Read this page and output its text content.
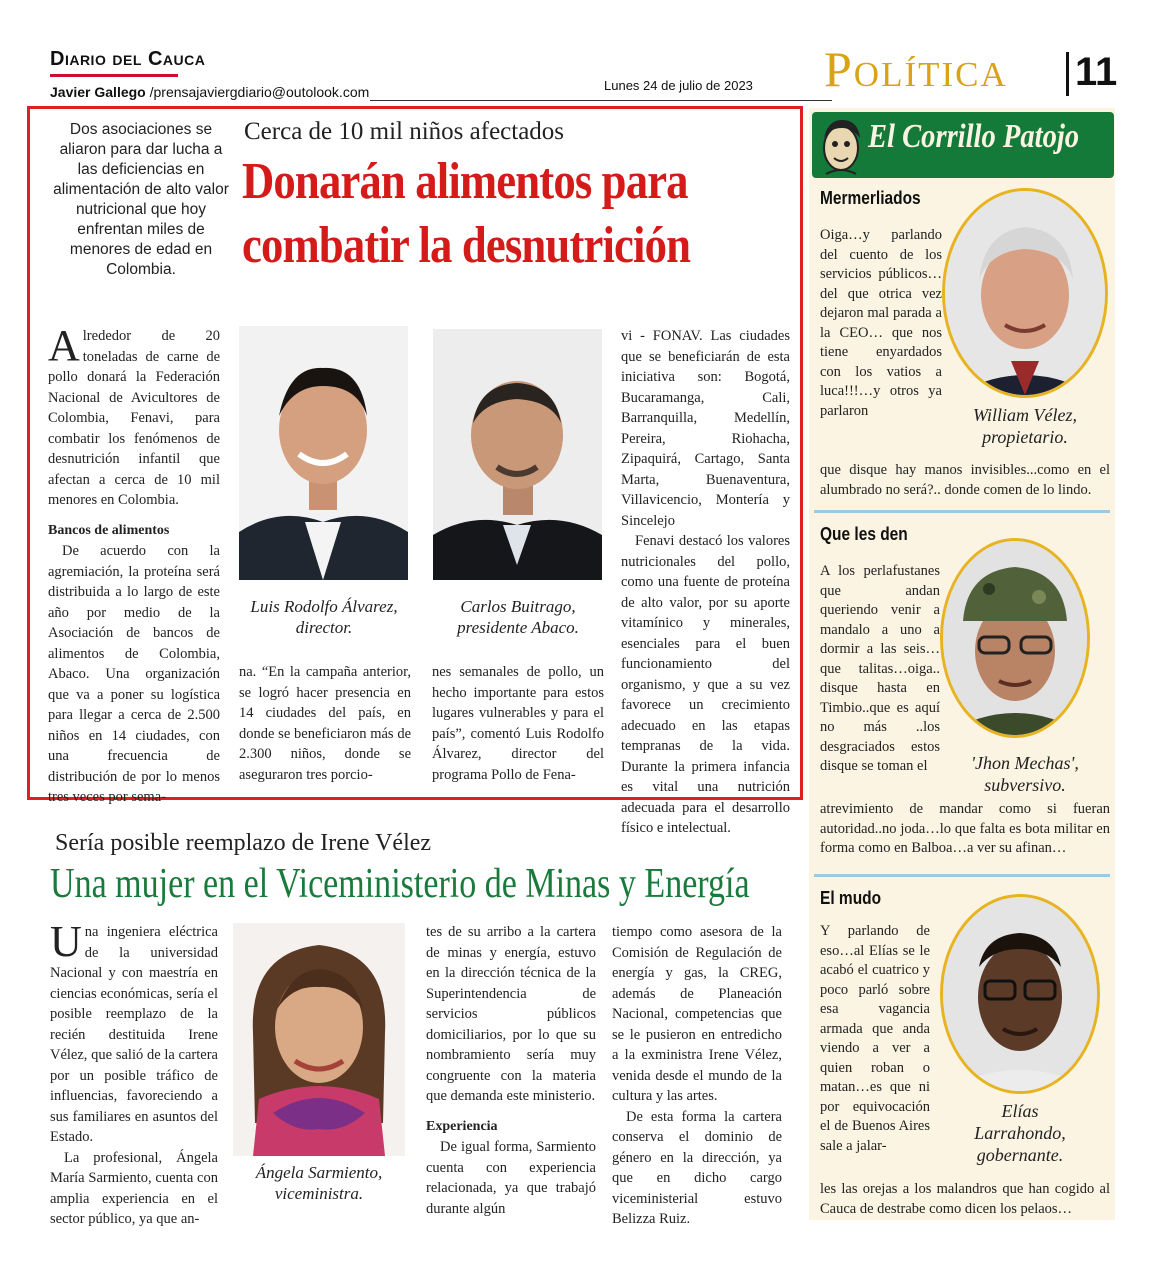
Diario del Cauca
Javier Gallego /prensajaviergdiario@outolook.com	Lunes 24 de julio de 2023 Política 11
Dos asociaciones se aliaron para dar lucha a las deficiencias en alimentación de alto valor nutricional que hoy enfrentan miles de menores de edad en Colombia.
Cerca de 10 mil niños afectados
Donarán alimentos para
combatir la desnutrición
A lrededor de 20 toneladas de carne de pollo donará la Federación Nacional de Avicultores de Colombia, Fenavi, para combatir los fenómenos de desnutrición infantil que afectan a cerca de 10 mil menores en Colombia.
Bancos de alimentos

De acuerdo con la agremiación, la proteína será distribuida a lo largo de este año por medio de la Asociación de bancos de alimentos de Colombia, Abaco. Una organización que va a poner su logística para llegar a cerca de 2.500 niños en 14 ciudades, con una frecuencia de distribución de por lo menos tres veces por sema-

Luis Rodolfo Álvarez,
director.
Carlos Buitrago,
presidente Abaco.
na. “En la campaña anterior, se logró hacer presencia en 14 ciudades del país, en donde se beneficiaron más de 2.300 niños, donde se aseguraron tres porcio-
nes semanales de pollo, un hecho importante para estos lugares vulnerables y para el país”, comentó Luis Rodolfo Álvarez, director del programa Pollo de Fena-
vi - FONAV. Las ciudades que se beneficiarán de esta iniciativa son: Bogotá, Bucaramanga, Cali, Barranquilla, Medellín, Pereira, Riohacha, Zipaquirá, Cartago, Santa Marta, Buenaventura, Villavicencio, Montería y Sincelejo

Fenavi destacó los valores nutricionales del pollo, como una fuente de proteína de alto valor, por su aporte vitamínico y minerales, esenciales para el buen funcionamiento del organismo, y que a su vez favorece un crecimiento adecuado en las etapas tempranas de la vida. Durante la primera infancia es vital una nutrición adecuada para el desarrollo físico e intelectual.

Sería posible reemplazo de Irene Vélez
Una mujer en el Viceministerio de Minas y Energía
U na ingeniera eléctrica de la universidad Nacional y con maestría en ciencias económicas, sería el posible reemplazo de la recién destituida Irene Vélez, que salió de la cartera por un posible tráfico de influencias, favoreciendo a sus familiares en asuntos del Estado.

La profesional, Ángela María Sarmiento, cuenta con amplia experiencia en el sector público, ya que an-

Ángela Sarmiento,
viceministra.
tes de su arribo a la cartera de minas y energía, estuvo en la dirección técnica de la Superintendencia de servicios públicos domiciliarios, por lo que su nombramiento sería muy congruente con la materia que demanda este ministerio.
Experiencia

De igual forma, Sarmiento cuenta con experiencia relacionada, ya que trabajó durante algún

tiempo como asesora de la Comisión de Regulación de energía y gas, la CREG, además de Planeación Nacional, competencias que se le pusieron en entredicho a la exministra Irene Vélez, venida desde el mundo de la cultura y las artes.

De esta forma la cartera conserva el dominio de género en la dirección, ya que en dicho cargo viceministerial estuvo Belizza Ruiz.

El Corrillo Patojo
Mermerliados
Oiga…y parlando del cuento de los servicios públicos…del que otrica vez dejaron mal parada a la CEO… que nos tiene enyardados con los vatios a luca!!!…y otros ya parlaron
que disque hay manos invisibles...como en el alumbrado no será?.. donde comen de lo lindo.
William Vélez,
propietario.
Que les den
A los perlafustanes que andan queriendo venir a mandalo a uno a dormir a las seis…que talitas…oiga.. disque hasta en Timbio..que es aquí no más ..los desgraciados estos disque se toman el
atrevimiento de mandar como si fueran autoridad..no joda…lo que falta es bota militar en forma como en Balboa…a ver su afinan…
'Jhon Mechas',
subversivo.
El mudo
Y parlando de eso…al Elías se le acabó el cuatrico y poco parló sobre esa vagancia armada que anda viendo a ver a quien roban o matan…es que ni por equivocación el de Buenos Aires sale a jalar-
les las orejas a los malandros que han cogido al Cauca de destrabe como dicen los pelaos…
Elías
Larrahondo,
gobernante.
